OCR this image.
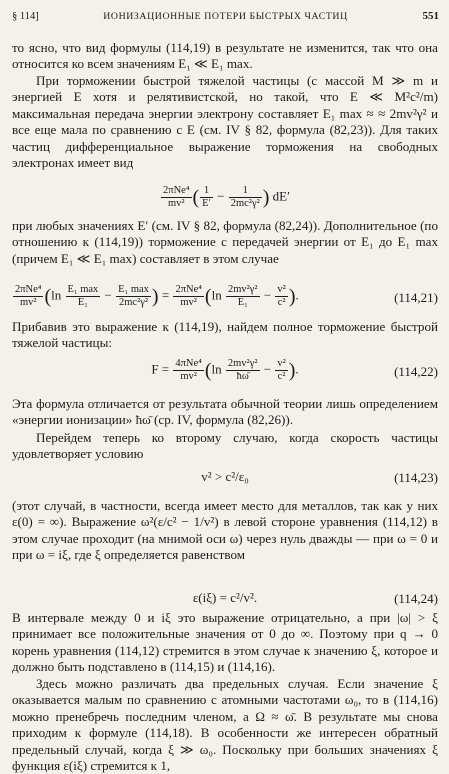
§ 114]	ИОНИЗАЦИОННЫЕ ПОТЕРИ БЫСТРЫХ ЧАСТИЦ	551
то ясно, что вид формулы (114,19) в результате не изменится, так что она относится ко всем значениям E₁ ≪ E₁ max.
При торможении быстрой тяжелой частицы (с массой M ≫ m и энергией E хотя и релятивистской, но такой, что E ≪ M²c²/m) максимальная передача энергии электрону составляет E₁ max ≈ ≈ 2mv²γ² и все еще мала по сравнению с E (см. IV § 82, формула (82,23)). Для таких частиц дифференциальное выражение торможения на свободных электронах имеет вид
$\frac{\text{2πNe⁴}}{\text{mv²}}$ ( $\frac{1}{E'} - \frac{1}{\text{2mc²γ²}}$ ) dE′
при любых значениях E′ (см. IV § 82, формула (82,24)). Дополнительное (по отношению к (114,19)) торможение с передачей энергии от E₁ до E₁ max (причем E₁ ≪ E₁ max) составляет в этом случае
$\frac{\text{2πNe⁴}}{\text{mv²}} (\ln \frac{\text{E₁ max}}{\text{E₁}} - \frac{\text{E₁ max}}{\text{2mc²γ²}}$ ) = $\frac{\text{2πNe⁴}}{\text{mv²}} (\ln \frac{\text{2mv²γ²}}{\text{E₁}} - \frac{\text{v²}}{\text{c²}}$ ).	(114,21)
Прибавив это выражение к (114,19), найдем полное торможение быстрой тяжелой частицы:
$F = \frac{\text{4πNe⁴}}{\text{mv²}} (\ln \frac{\text{2mv²γ²}}{ħ\omegā} - \frac{\text{v²}}{\text{c²}}$ ).	(114,22)
Эта формула отличается от результата обычной теории лишь определением «энергии ионизации» ħω̄ (ср. IV, формула (82,26)).
Перейдем теперь ко второму случаю, когда скорость частицы удовлетворяет условию
v² > c²/ε₀	(114,23)
(этот случай, в частности, всегда имеет место для металлов, так как у них ε(0) = ∞). Выражение ω²(ε/c² − 1/v²) в левой стороне уравнения (114,12) в этом случае проходит (на мнимой оси ω) через нуль дважды — при ω = 0 и при ω = iξ, где ξ определяется равенством
ε(iξ) = c²/v².	(114,24)
В интервале между 0 и iξ это выражение отрицательно, а при |ω| > ξ принимает все положительные значения от 0 до ∞. Поэтому при q → 0 корень уравнения (114,12) стремится в этом случае к значению ξ, которое и должно быть подставлено в (114,15) и (114,16).
Здесь можно различать два предельных случая. Если значение ξ оказывается малым по сравнению с атомными частотами ω₀, то в (114,16) можно пренебречь последним членом, а Ω ≈ ω̄. В результате мы снова приходим к формуле (114,18). В особенности же интересен обратный предельный случай, когда ξ ≫ ω₀. Поскольку при больших значениях ξ функция ε(iξ) стремится к 1,
